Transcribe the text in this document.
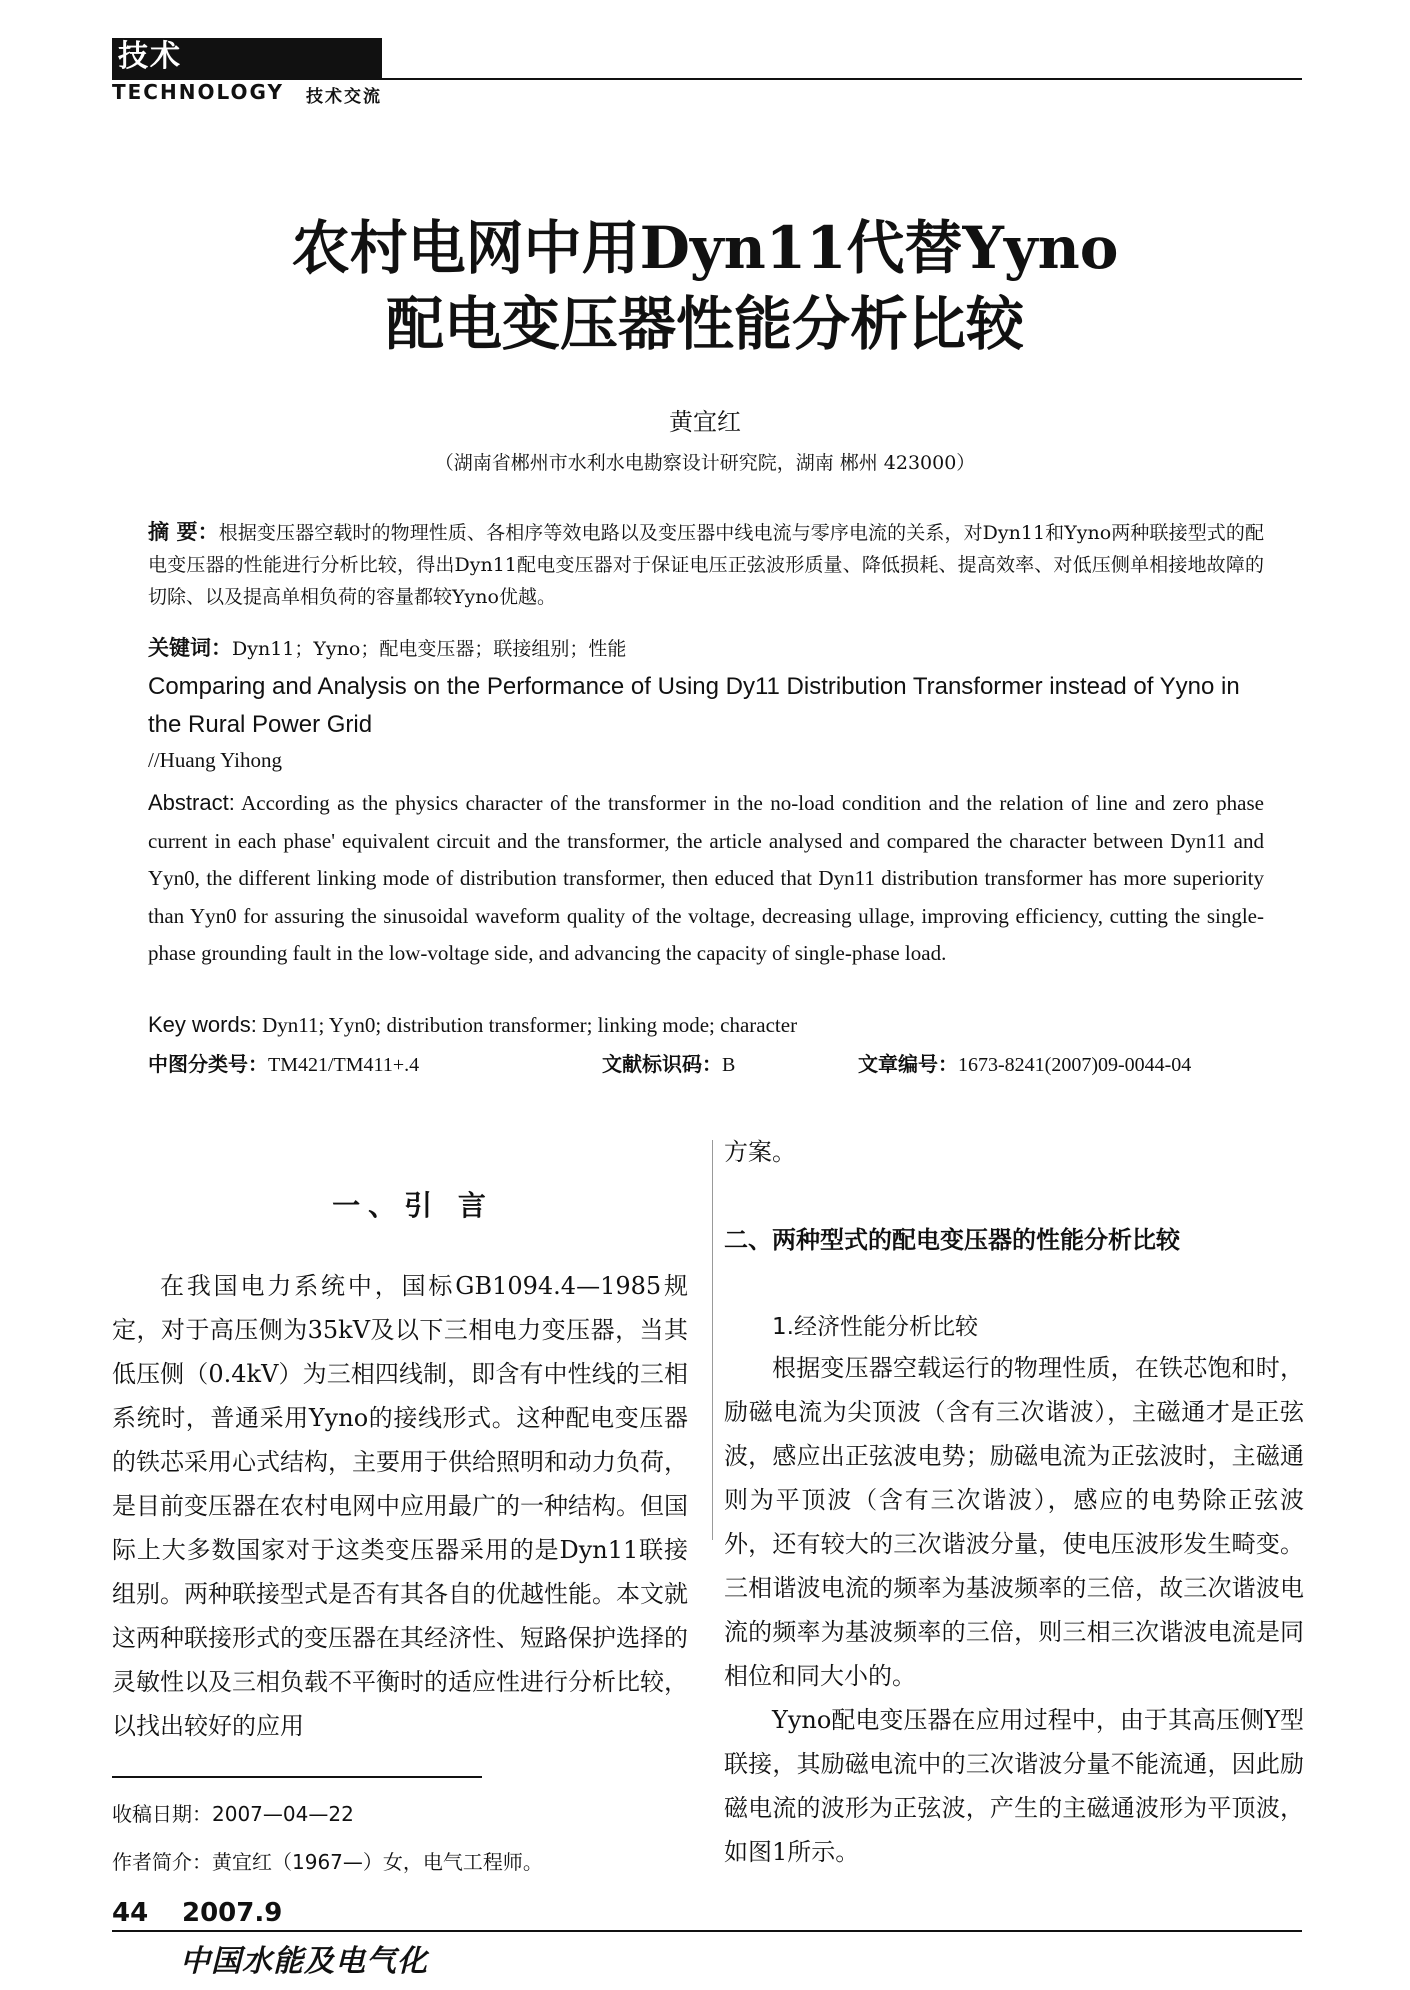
技术
TECHNOLOGY 技术交流
农村电网中用Dyn11代替Yyno
配电变压器性能分析比较
黄宜红
（湖南省郴州市水利水电勘察设计研究院，湖南 郴州 423000）
摘 要：根据变压器空载时的物理性质、各相序等效电路以及变压器中线电流与零序电流的关系，对Dyn11和Yyno两种联接型式的配电变压器的性能进行分析比较，得出Dyn11配电变压器对于保证电压正弦波形质量、降低损耗、提高效率、对低压侧单相接地故障的切除、以及提高单相负荷的容量都较Yyno优越。
关键词：Dyn11；Yyno；配电变压器；联接组别；性能
Comparing and Analysis on the Performance of Using Dy11 Distribution Transformer instead of Yyno in the Rural Power Grid
//Huang Yihong
Abstract: According as the physics character of the transformer in the no-load condition and the relation of line and zero phase current in each phase' equivalent circuit and the transformer, the article analysed and compared the character between Dyn11 and Yyn0, the different linking mode of distribution transformer, then educed that Dyn11 distribution transformer has more superiority than Yyn0 for assuring the sinusoidal waveform quality of the voltage, decreasing ullage, improving efficiency, cutting the single-phase grounding fault in the low-voltage side, and advancing the capacity of single-phase load.
Key words: Dyn11; Yyn0; distribution transformer; linking mode; character
中图分类号：TM421/TM411+.4	文献标识码：B	文章编号：1673-8241(2007)09-0044-04
一、引 言
在我国电力系统中，国标GB1094.4—1985规定，对于高压侧为35kV及以下三相电力变压器，当其低压侧（0.4kV）为三相四线制，即含有中性线的三相系统时，普通采用Yyno的接线形式。这种配电变压器的铁芯采用心式结构，主要用于供给照明和动力负荷，是目前变压器在农村电网中应用最广的一种结构。但国际上大多数国家对于这类变压器采用的是Dyn11联接组别。两种联接型式是否有其各自的优越性能。本文就这两种联接形式的变压器在其经济性、短路保护选择的灵敏性以及三相负载不平衡时的适应性进行分析比较，以找出较好的应用
收稿日期：2007—04—22
作者简介：黄宜红（1967—）女，电气工程师。
方案。
二、两种型式的配电变压器的性能分析比较
1.经济性能分析比较
根据变压器空载运行的物理性质，在铁芯饱和时，励磁电流为尖顶波（含有三次谐波），主磁通才是正弦波，感应出正弦波电势；励磁电流为正弦波时，主磁通则为平顶波（含有三次谐波），感应的电势除正弦波外，还有较大的三次谐波分量，使电压波形发生畸变。三相谐波电流的频率为基波频率的三倍，故三次谐波电流的频率为基波频率的三倍，则三相三次谐波电流是同相位和同大小的。
Yyno配电变压器在应用过程中，由于其高压侧Y型联接，其励磁电流中的三次谐波分量不能流通，因此励磁电流的波形为正弦波，产生的主磁通波形为平顶波，如图1所示。
44 2007.9
中国水能及电气化
